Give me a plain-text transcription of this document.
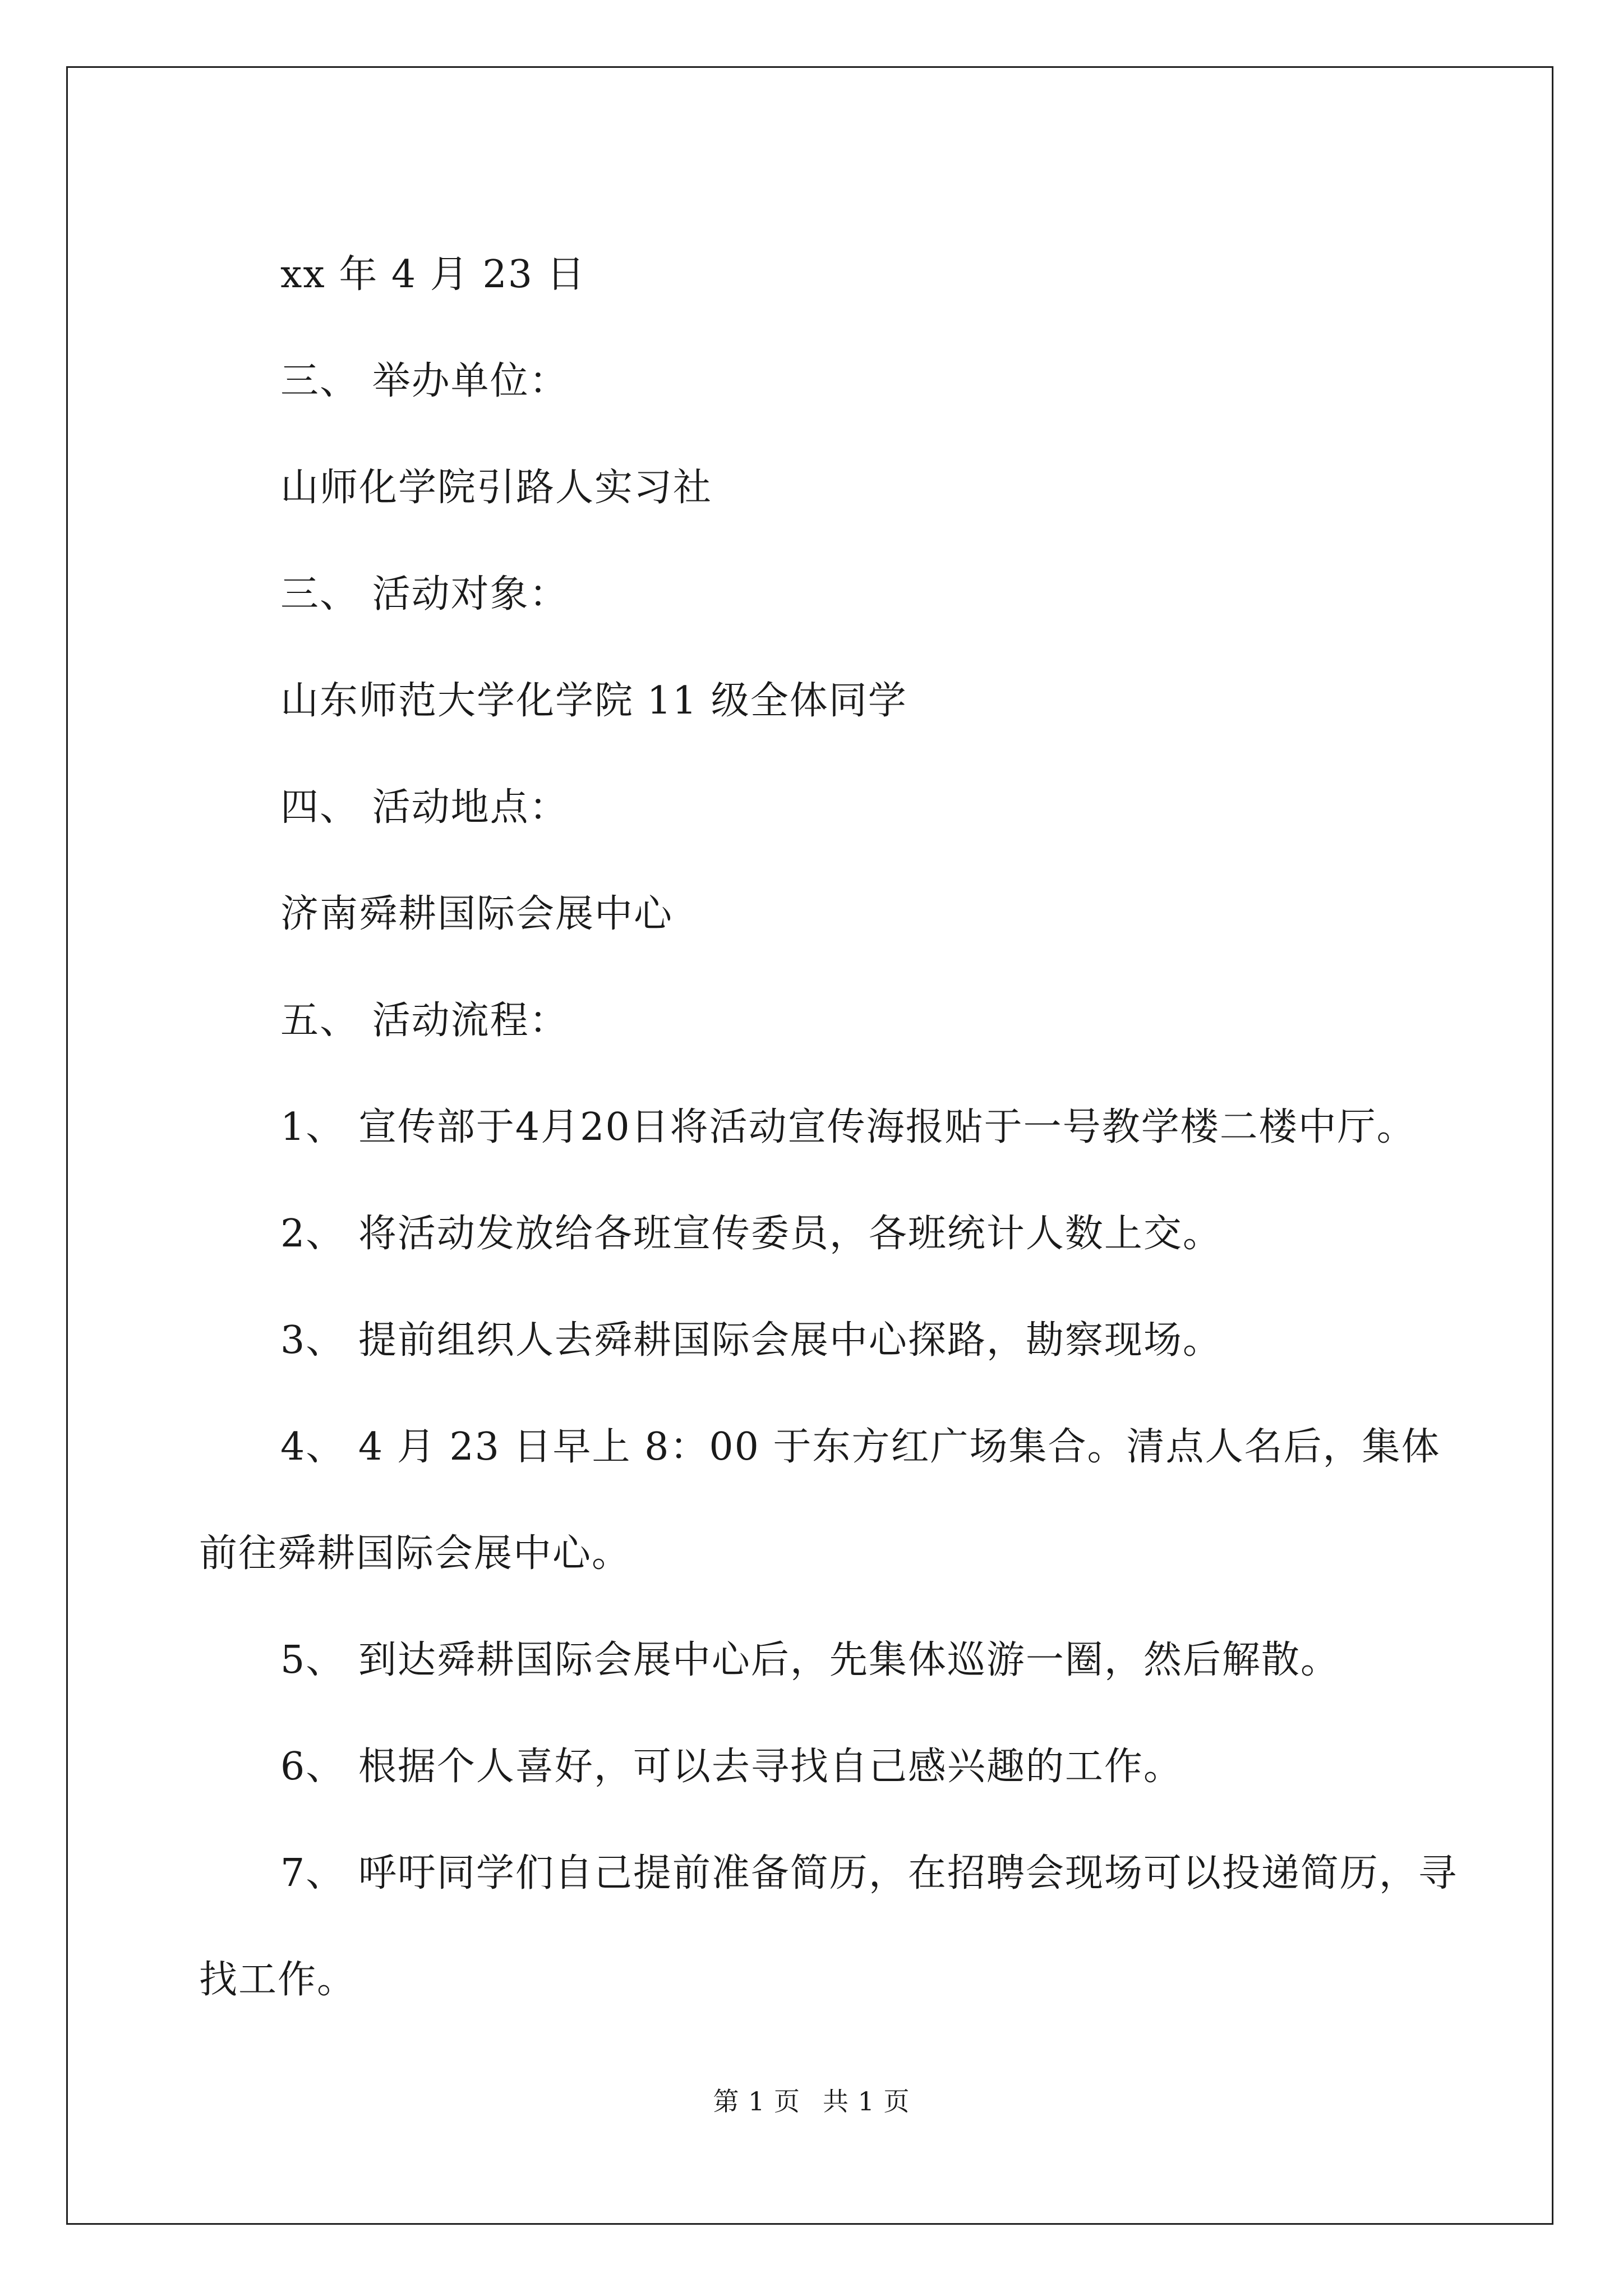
xx 年 4 月 23 日

三、 举办单位：

山师化学院引路人实习社

三、 活动对象：

山东师范大学化学院 11 级全体同学

四、 活动地点：

济南舜耕国际会展中心

五、 活动流程：

1、 宣传部于4月20日将活动宣传海报贴于一号教学楼二楼中厅。

2、 将活动发放给各班宣传委员，各班统计人数上交。

3、 提前组织人去舜耕国际会展中心探路，勘察现场。

4、 4 月 23 日早上 8：00 于东方红广场集合。清点人名后，集体前往舜耕国际会展中心。

5、 到达舜耕国际会展中心后，先集体巡游一圈，然后解散。

6、 根据个人喜好，可以去寻找自己感兴趣的工作。

7、 呼吁同学们自己提前准备简历，在招聘会现场可以投递简历，寻找工作。

第 1 页 共 1 页
